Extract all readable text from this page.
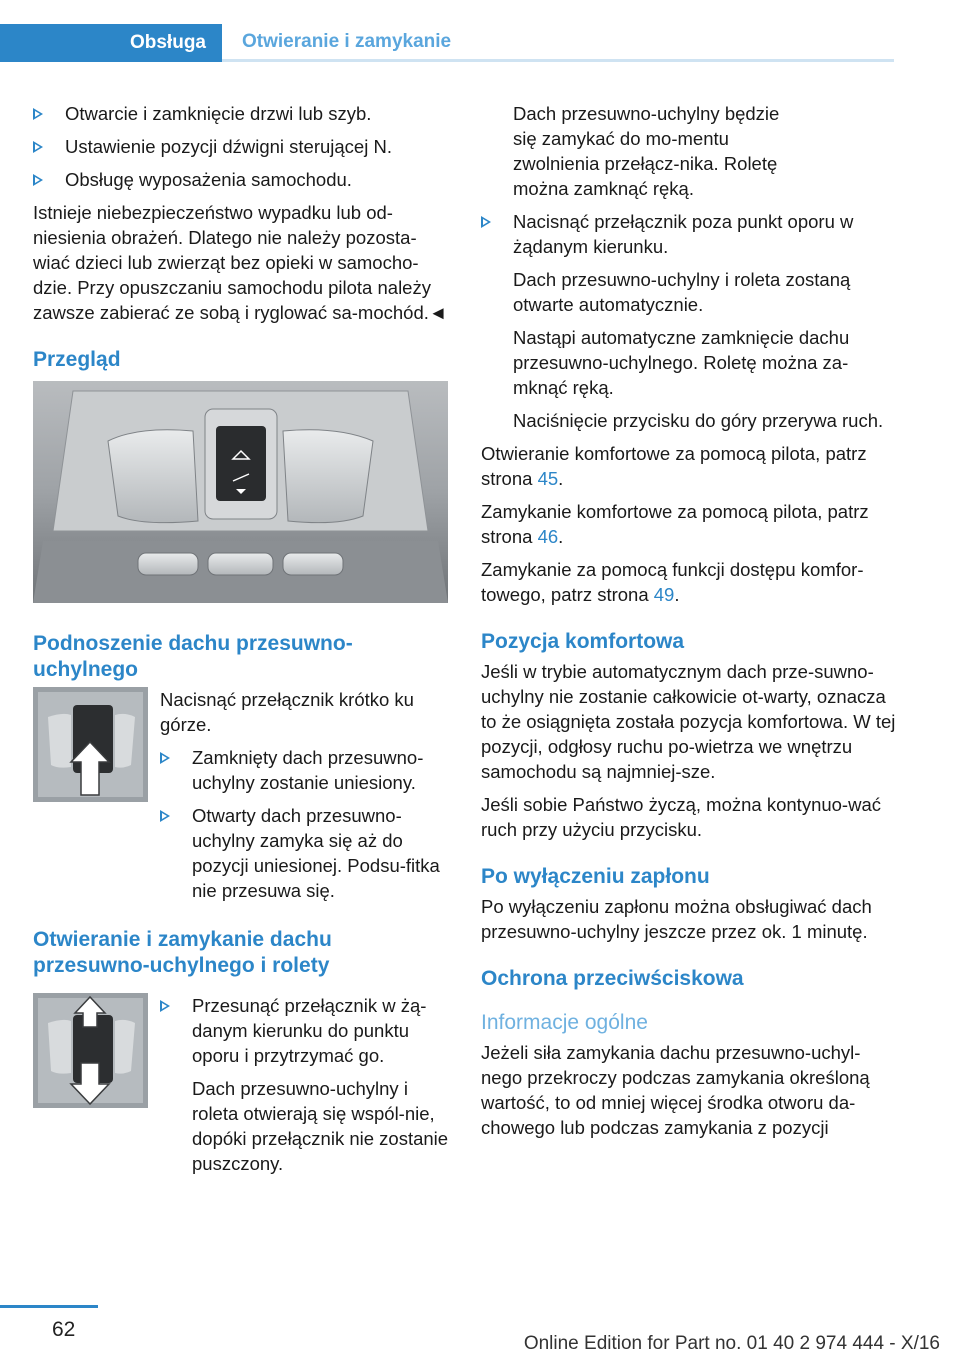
Obsługa	Otwieranie i zamykanie
Otwarcie i zamknięcie drzwi lub szyb.
Ustawienie pozycji dźwigni sterującej N.
Obsługę wyposażenia samochodu.

Istnieje niebezpieczeństwo wypadku lub od‐niesienia obrażeń. Dlatego nie należy pozosta‐wiać dzieci lub zwierząt bez opieki w samocho‐dzie. Przy opuszczaniu samochodu pilota należy zawsze zabierać ze sobą i ryglować sa‐mochód.◄

Przegląd
Podnoszenie dachu przesuwno-uchylnego

Nacisnąć przełącznik krótko ku górze.

Zamknięty dach przesuwno-uchylny zostanie uniesiony.
Otwarty dach przesuwno-uchylny zamyka się aż do pozycji uniesionej. Podsu‐fitka nie przesuwa się.
Otwieranie i zamykanie dachu przesuwno-uchylnego i rolety
Przesunąć przełącznik w żą‐danym kierunku do punktu oporu i przytrzymać go.

Dach przesuwno-uchylny i roleta otwierają się wspól‐nie, dopóki przełącznik nie zostanie puszczony.

Dach przesuwno-uchylny będzie się zamykać do mo‐mentu zwolnienia przełącz‐nika. Roletę można zamknąć ręką.

Nacisnąć przełącznik poza punkt oporu w żądanym kierunku.

Dach przesuwno-uchylny i roleta zostaną otwarte automatycznie.

Nastąpi automatyczne zamknięcie dachu przesuwno-uchylnego. Roletę można za‐mknąć ręką.

Naciśnięcie przycisku do góry przerywa ruch.

Otwieranie komfortowe za pomocą pilota, patrz strona 45.

Zamykanie komfortowe za pomocą pilota, patrz strona 46.

Zamykanie za pomocą funkcji dostępu komfor‐towego, patrz strona 49.

Pozycja komfortowa

Jeśli w trybie automatycznym dach prze‐suwno-uchylny nie zostanie całkowicie ot‐warty, oznacza to że osiągnięta została pozycja komfortowa. W tej pozycji, odgłosy ruchu po‐wietrza we wnętrzu samochodu są najmniej‐sze.

Jeśli sobie Państwo życzą, można kontynuo‐wać ruch przy użyciu przycisku.

Po wyłączeniu zapłonu

Po wyłączeniu zapłonu można obsługiwać dach przesuwno-uchylny jeszcze przez ok. 1 minutę.

Ochrona przeciwściskowa
Informacje ogólne

Jeżeli siła zamykania dachu przesuwno-uchyl‐nego przekroczy podczas zamykania określoną wartość, to od mniej więcej środka otworu da‐chowego lub podczas zamykania z pozycji

62
Online Edition for Part no. 01 40 2 974 444 - X/16
